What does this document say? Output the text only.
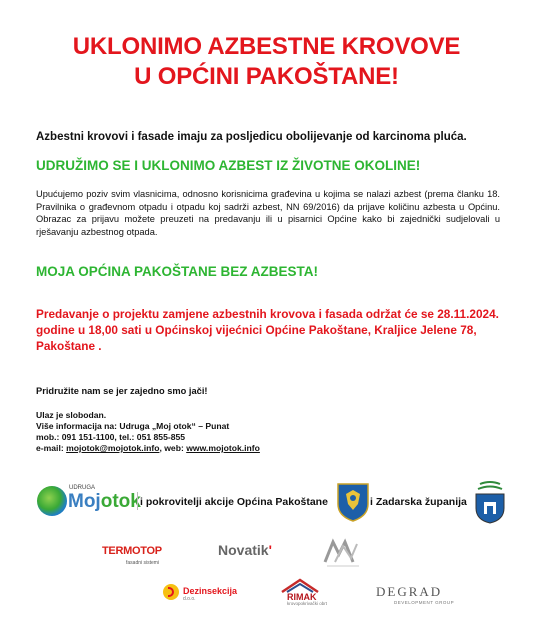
UKLONIMO AZBESTNE KROVOVE
U OPĆINI PAKOŠTANE!
Azbestni krovovi i fasade imaju za posljedicu obolijevanje od karcinoma pluća.
UDRUŽIMO SE I UKLONIMO AZBEST IZ ŽIVOTNE OKOLINE!
Upućujemo poziv svim vlasnicima, odnosno korisnicima građevina u kojima se nalazi azbest (prema članku 18. Pravilnika o građevnom otpadu i otpadu koj sadrži azbest, NN 69/2016) da prijave količinu azbesta u Općinu. Obrazac za prijavu možete preuzeti na predavanju ili u pisarnici Općine kako bi zajednički sudjelovali u rješavanju azbestnog otpada.
MOJA OPĆINA PAKOŠTANE BEZ AZBESTA!
Predavanje o projektu zamjene azbestnih krovova i fasada održat će se 28.11.2024. godine u 18,00 sati u Općinskoj vijećnici Općine Pakoštane, Kraljice Jelene 78, Pakoštane .
Pridružite nam se jer zajedno smo jači!
Ulaz je slobodan.
Više informacija na: Udruga „Moj otok“ – Punat
mob.: 091 151-1100, tel.: 051 855-855
e-mail: mojotok@mojotok.info, web: www.mojotok.info
UDRUGA
Mojotok i pokrovitelji akcije Općina Pakoštane	i Zadarska županija
TERMOTOP
fasadni sistemi
Novatik'
Dezinsekcija
d.o.o.	RIMAK
krovopokrivački obrt
DEGRAD
DEVELOPMENT GROUP
